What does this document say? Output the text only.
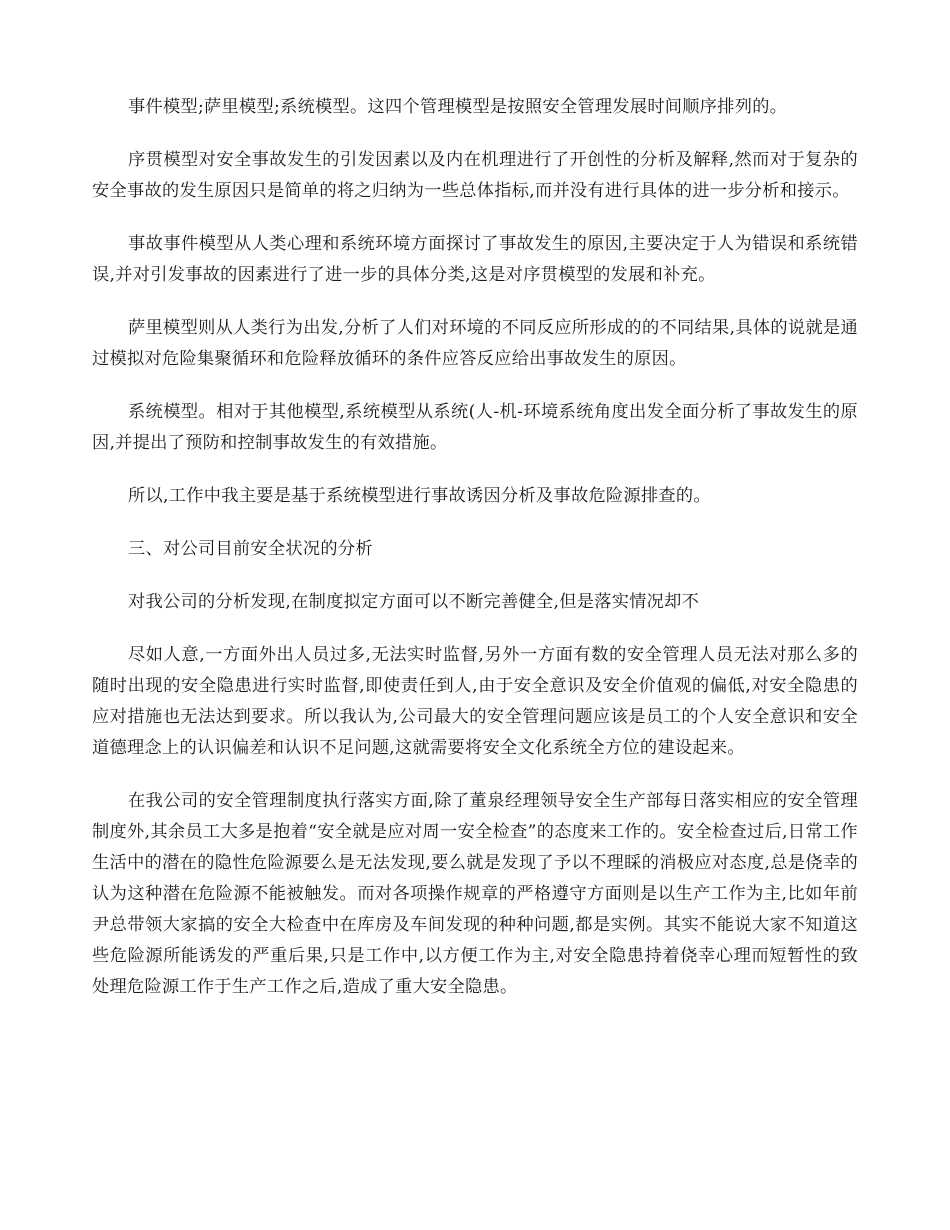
事件模型;萨里模型;系统模型。这四个管理模型是按照安全管理发展时间顺序排列的。

序贯模型对安全事故发生的引发因素以及内在机理进行了开创性的分析及解释,然而对于复杂的安全事故的发生原因只是简单的将之归纳为一些总体指标,而并没有进行具体的进一步分析和接示。

事故事件模型从人类心理和系统环境方面探讨了事故发生的原因,主要决定于人为错误和系统错误,并对引发事故的因素进行了进一步的具体分类,这是对序贯模型的发展和补充。

萨里模型则从人类行为出发,分析了人们对环境的不同反应所形成的的不同结果,具体的说就是通过模拟对危险集聚循环和危险释放循环的条件应答反应给出事故发生的原因。

系统模型。相对于其他模型,系统模型从系统(人-机-环境系统角度出发全面分析了事故发生的原因,并提出了预防和控制事故发生的有效措施。

所以,工作中我主要是基于系统模型进行事故诱因分析及事故危险源排查的。

三、对公司目前安全状况的分析

对我公司的分析发现,在制度拟定方面可以不断完善健全,但是落实情况却不

尽如人意,一方面外出人员过多,无法实时监督,另外一方面有数的安全管理人员无法对那么多的随时出现的安全隐患进行实时监督,即使责任到人,由于安全意识及安全价值观的偏低,对安全隐患的应对措施也无法达到要求。所以我认为,公司最大的安全管理问题应该是员工的个人安全意识和安全道德理念上的认识偏差和认识不足问题,这就需要将安全文化系统全方位的建设起来。

在我公司的安全管理制度执行落实方面,除了董泉经理领导安全生产部每日落实相应的安全管理制度外,其余员工大多是抱着“安全就是应对周一安全检查”的态度来工作的。安全检查过后,日常工作生活中的潜在的隐性危险源要么是无法发现,要么就是发现了予以不理睬的消极应对态度,总是侥幸的认为这种潜在危险源不能被触发。而对各项操作规章的严格遵守方面则是以生产工作为主,比如年前尹总带领大家搞的安全大检查中在库房及车间发现的种种问题,都是实例。其实不能说大家不知道这些危险源所能诱发的严重后果,只是工作中,以方便工作为主,对安全隐患持着侥幸心理而短暂性的致处理危险源工作于生产工作之后,造成了重大安全隐患。
